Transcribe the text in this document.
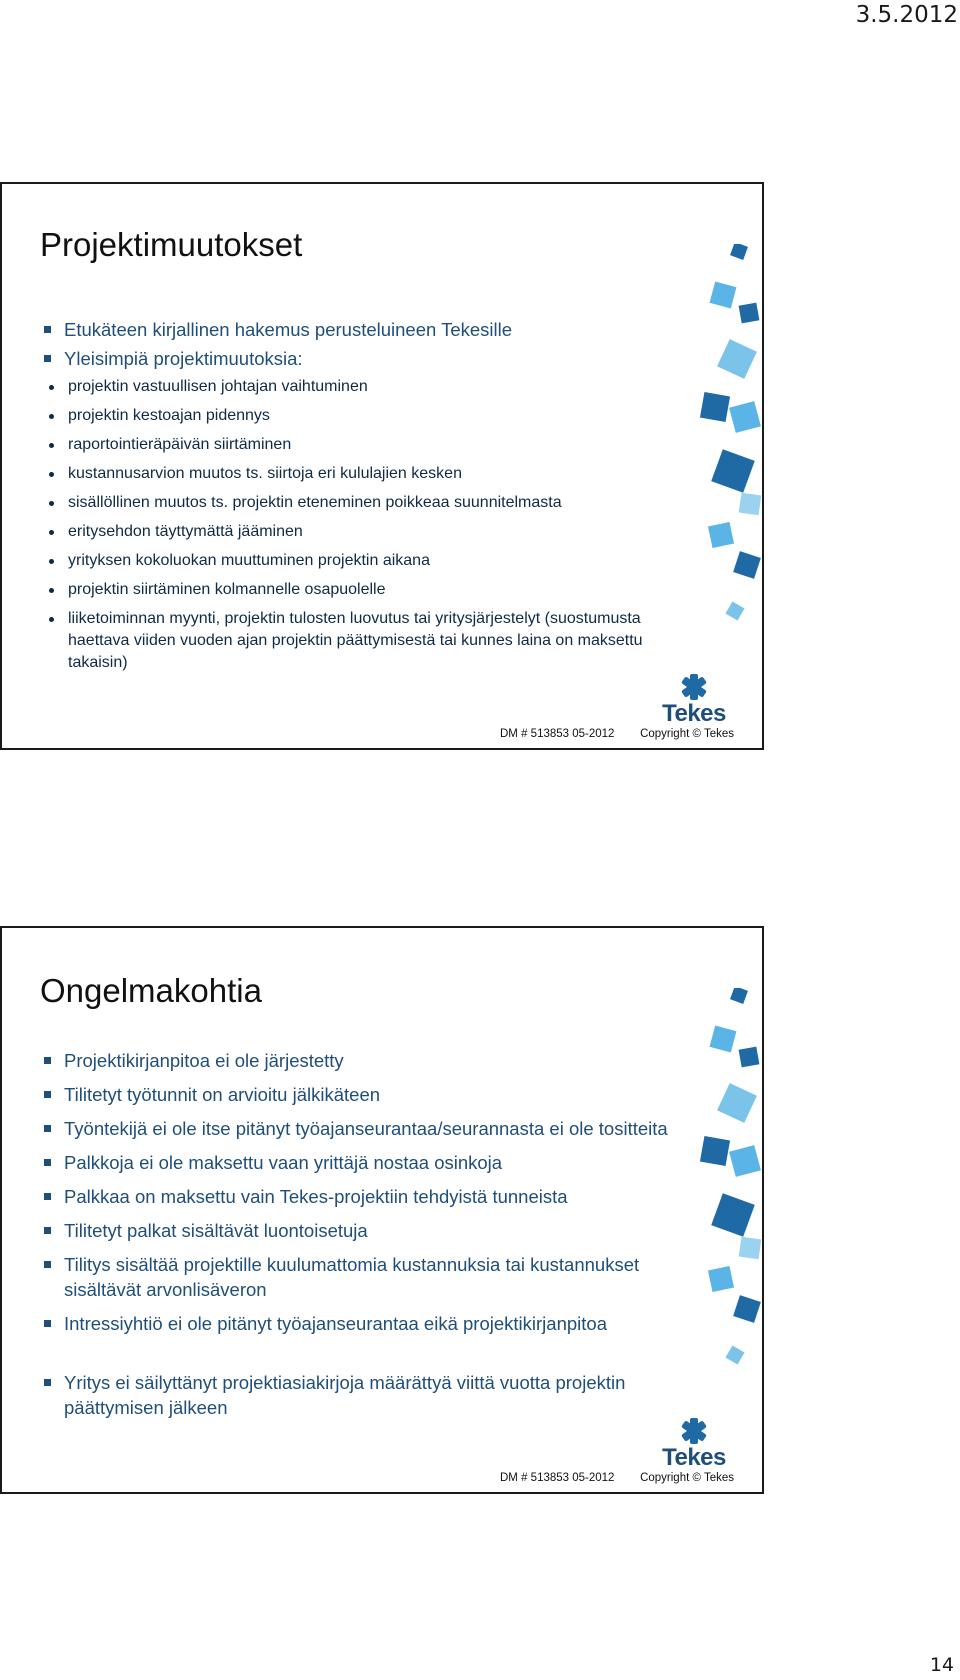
3.5.2012
Projektimuutokset
Etukäteen kirjallinen hakemus perusteluineen Tekesille
Yleisimpiä projektimuutoksia:
projektin vastuullisen johtajan vaihtuminen
projektin kestoajan pidennys
raportointieräpäivän siirtäminen
kustannusarvion muutos ts. siirtoja eri kululajien kesken
sisällöllinen muutos ts. projektin eteneminen poikkeaa suunnitelmasta
eritysehdon täyttymättä jääminen
yrityksen kokoluokan muuttuminen projektin aikana
projektin siirtäminen kolmannelle osapuolelle
liiketoiminnan myynti, projektin tulosten luovutus tai yritysjärjestelyt (suostumusta haettava viiden vuoden ajan projektin päättymisestä tai kunnes laina on maksettu takaisin)
Tekes
DM # 513853 05-2012 Copyright © Tekes
Ongelmakohtia
Projektikirjanpitoa ei ole järjestetty
Tilitetyt työtunnit on arvioitu jälkikäteen
Työntekijä ei ole itse pitänyt työajanseurantaa/seurannasta ei ole tositteita
Palkkoja ei ole maksettu vaan yrittäjä nostaa osinkoja
Palkkaa on maksettu vain Tekes-projektiin tehdyistä tunneista
Tilitetyt palkat sisältävät luontoisetuja
Tilitys sisältää projektille kuulumattomia kustannuksia tai kustannukset sisältävät arvonlisäveron
Intressiyhtiö ei ole pitänyt työajanseurantaa eikä projektikirjanpitoa
Yritys ei säilyttänyt projektiasiakirjoja määrättyä viittä vuotta projektin päättymisen jälkeen
Tekes
DM # 513853 05-2012 Copyright © Tekes
14
